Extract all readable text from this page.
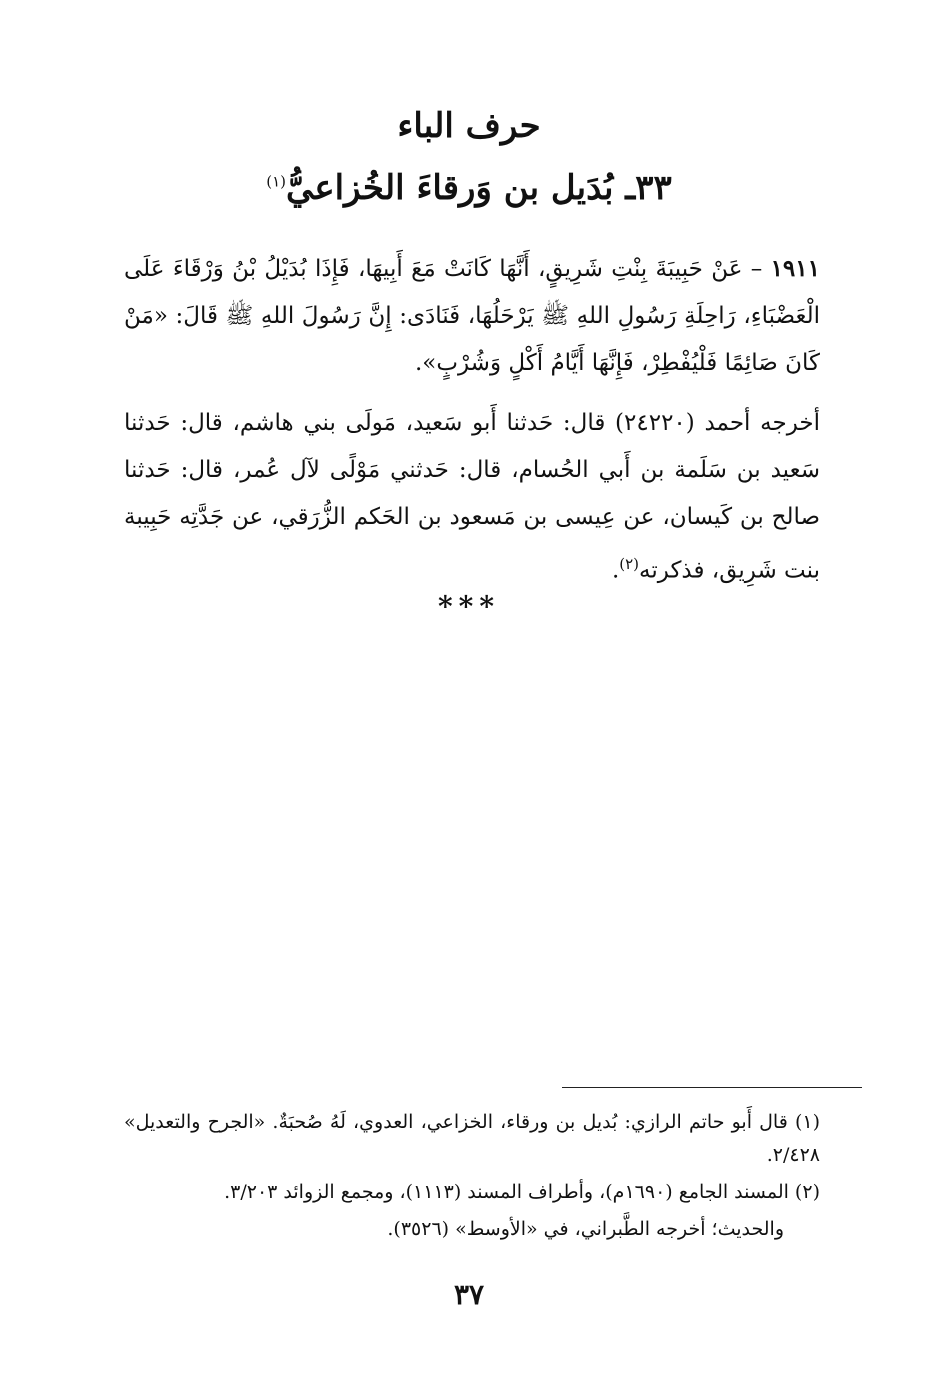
حرف الباء
٣٣ـ بُدَيل بن وَرقاءَ الخُزاعيُّ$^{(١)}$

١٩١١ – عَنْ حَبِيبَةَ بِنْتِ شَرِيقٍ، أَنَّهَا كَانَتْ مَعَ أَبِيهَا، فَإِذَا بُدَيْلُ بْنُ وَرْقَاءَ عَلَى الْعَضْبَاءِ، رَاحِلَةِ رَسُولِ اللهِ ﷺ يَرْحَلُهَا، فَنَادَى: إِنَّ رَسُولَ اللهِ ﷺ قَالَ: «مَنْ كَانَ صَائِمًا فَلْيُفْطِرْ، فَإِنَّهَا أَيَّامُ أَكْلٍ وَشُرْبٍ».

أخرجه أحمد (٢٤٢٢٠) قال: حَدثنا أَبو سَعيد، مَولَى بني هاشم، قال: حَدثنا سَعيد بن سَلَمة بن أَبي الحُسام، قال: حَدثني مَوْلًى لآل عُمر، قال: حَدثنا صالح بن كَيسان، عن عِيسى بن مَسعود بن الحَكم الزُّرَقي، عن جَدَّتِه حَبِيبة بنت شَرِيق، فذكرته$^{(٢)}$.

***

(١) قال أَبو حاتم الرازي: بُديل بن ورقاء، الخزاعي، العدوي، لَهُ صُحبَةٌ. «الجرح والتعديل» ٢/٤٢٨.

(٢) المسند الجامع (١٦٩٠م)، وأطراف المسند (١١١٣)، ومجمع الزوائد ٣/٢٠٣.

والحديث؛ أخرجه الطَّبراني، في «الأوسط» (٣٥٢٦).

٣٧
